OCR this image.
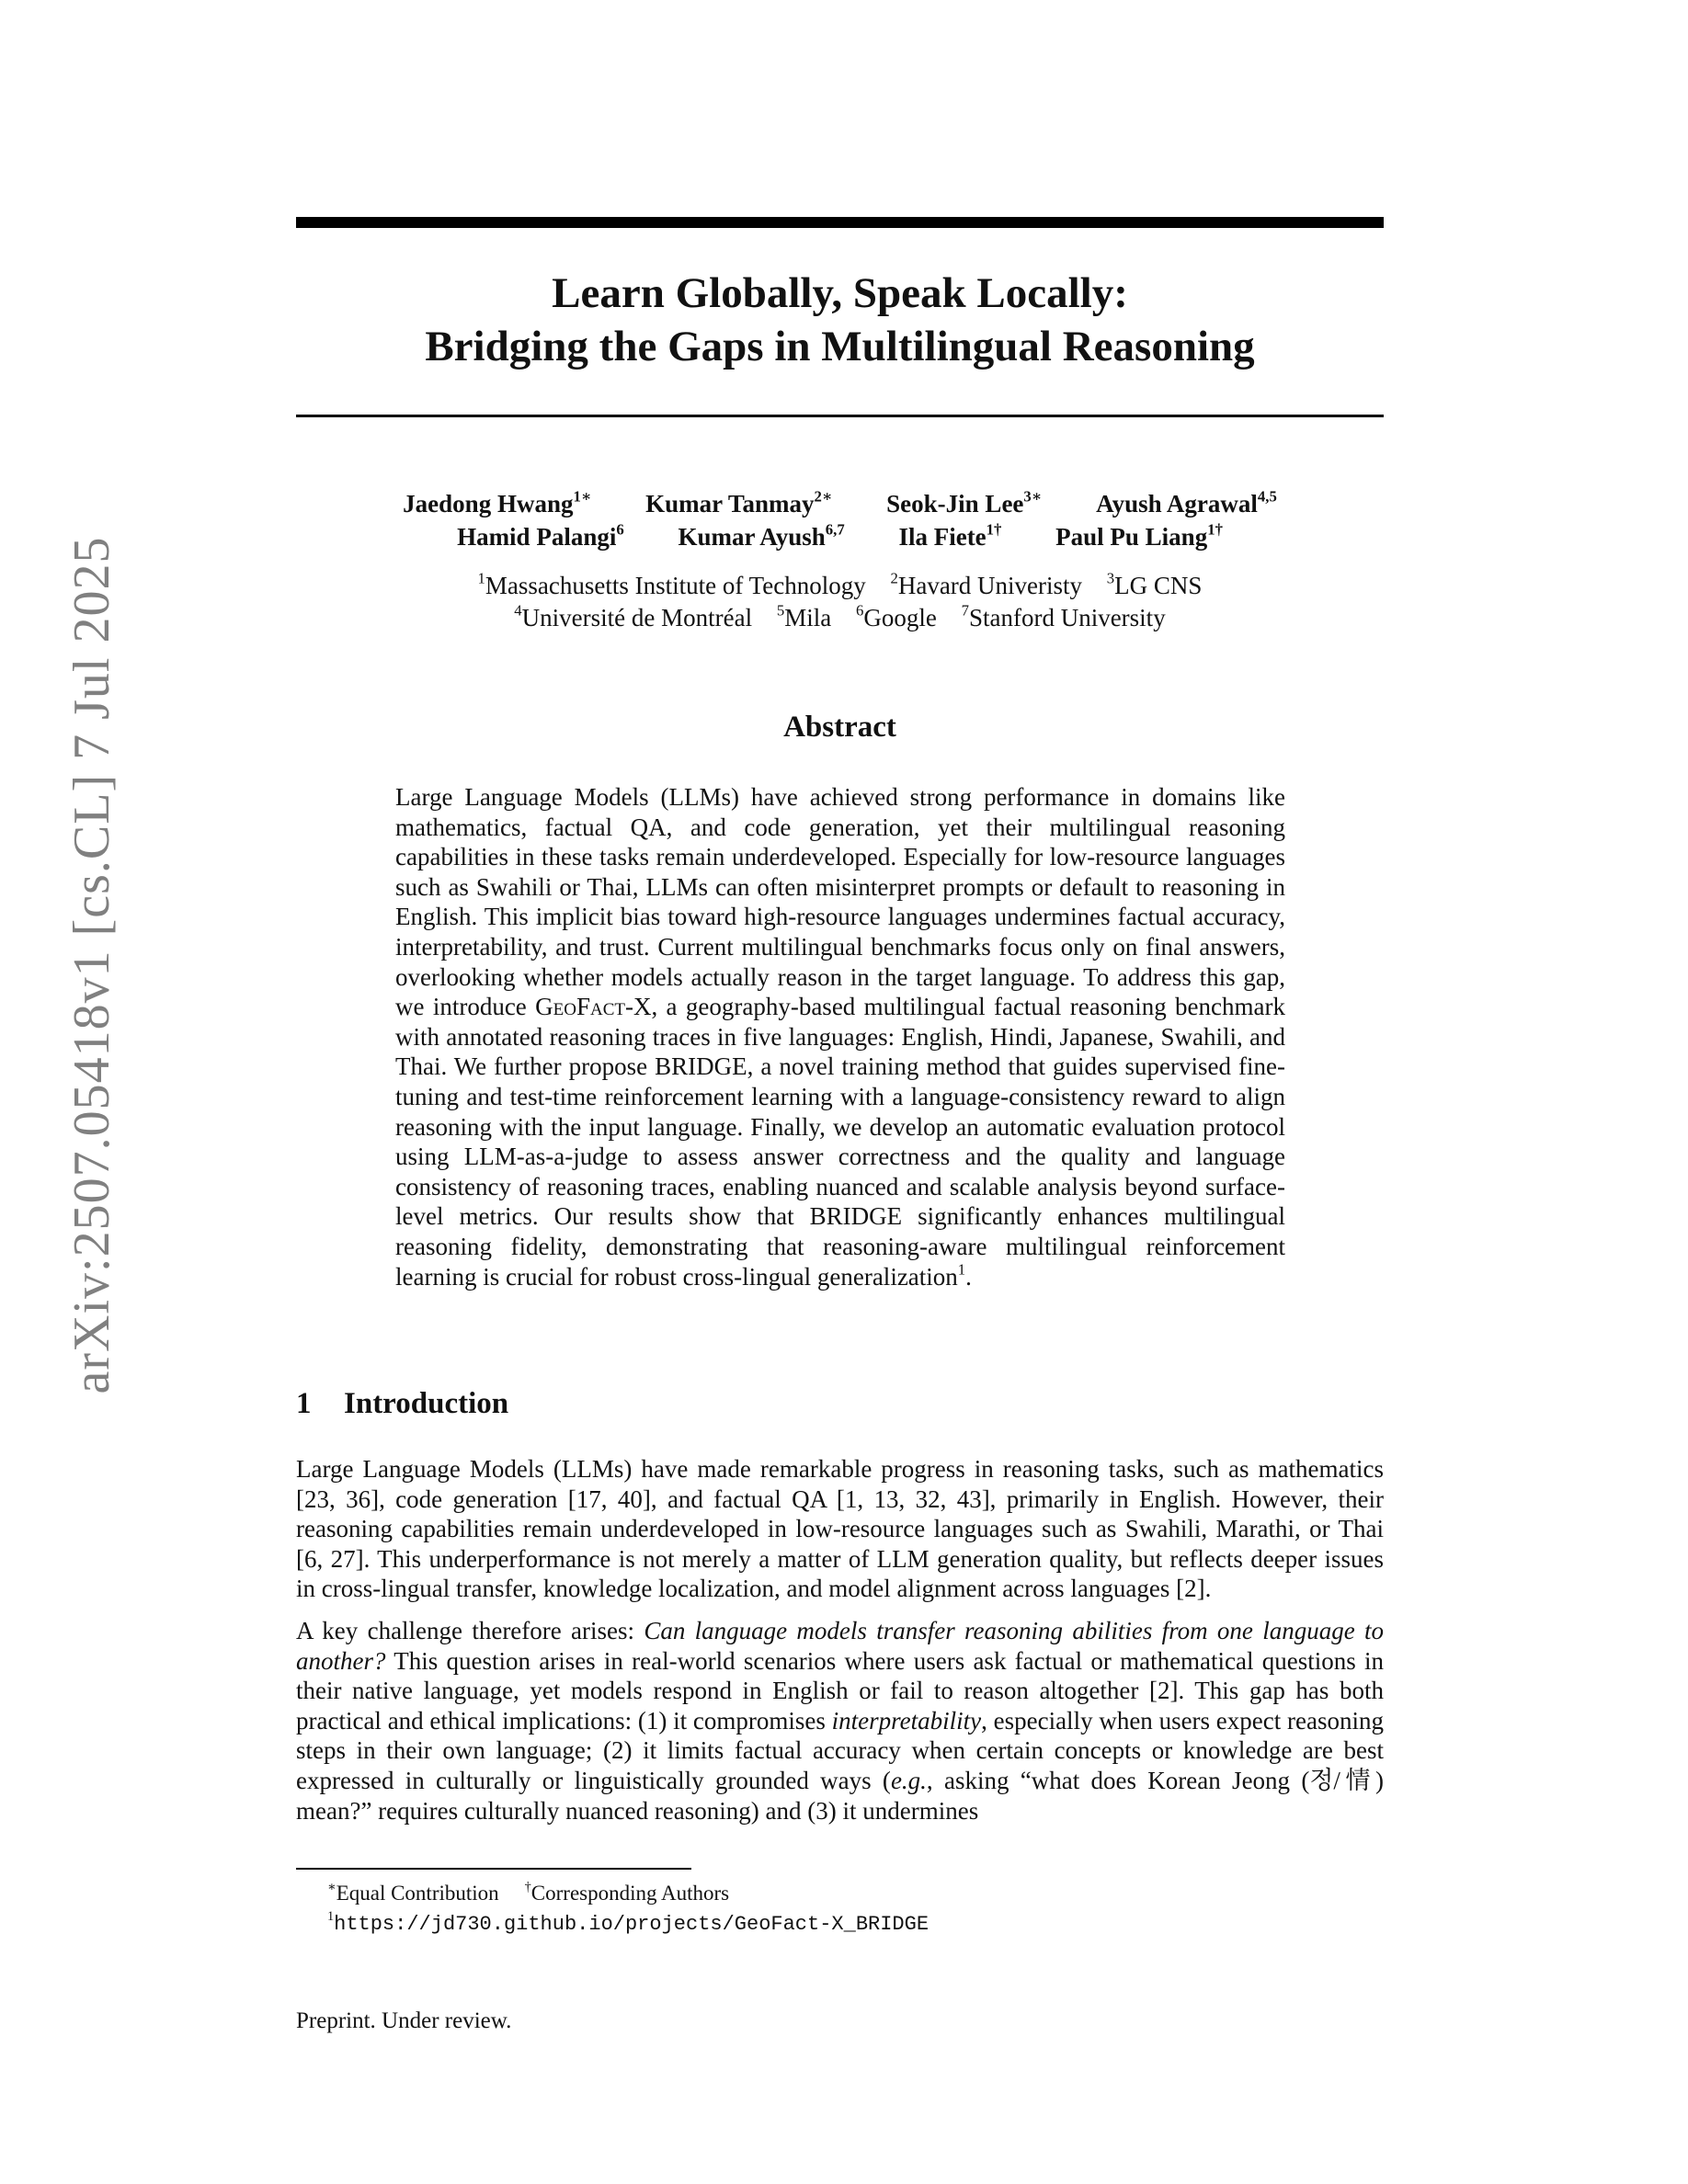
arXiv:2507.05418v1 [cs.CL] 7 Jul 2025
Learn Globally, Speak Locally:
Bridging the Gaps in Multilingual Reasoning
Jaedong Hwang$^{1∗}$ Kumar Tanmay$^{2∗}$ Seok-Jin Lee$^{3∗}$ Ayush Agrawal$^{4,5}$
Hamid Palangi$^6$ Kumar Ayush$^{6,7}$ Ila Fiete$^{1\dagger}$ Paul Pu Liang$^{1\dagger}$
$^1$Massachusetts Institute of Technology $^2$Havard Univeristy $^3$LG CNS
$^4$Université de Montréal $^5$Mila $^6$Google $^7$Stanford University
Abstract
Large Language Models (LLMs) have achieved strong performance in domains like mathematics, factual QA, and code generation, yet their multilingual reasoning capabilities in these tasks remain underdeveloped. Especially for low-resource languages such as Swahili or Thai, LLMs can often misinterpret prompts or default to reasoning in English. This implicit bias toward high-resource languages undermines factual accuracy, interpretability, and trust. Current multilingual benchmarks focus only on final answers, overlooking whether models actually reason in the target language. To address this gap, we introduce GeoFact-X, a geography-based multilingual factual reasoning benchmark with annotated reasoning traces in five languages: English, Hindi, Japanese, Swahili, and Thai. We further propose BRIDGE, a novel training method that guides supervised fine-tuning and test-time reinforcement learning with a language-consistency reward to align reasoning with the input language. Finally, we develop an automatic evaluation protocol using LLM-as-a-judge to assess answer correctness and the quality and language consistency of reasoning traces, enabling nuanced and scalable analysis beyond surface-level metrics. Our results show that BRIDGE significantly enhances multilingual reasoning fidelity, demonstrating that reasoning-aware multilingual reinforcement learning is crucial for robust cross-lingual generalization$^1$.
1 Introduction

Large Language Models (LLMs) have made remarkable progress in reasoning tasks, such as mathematics [23, 36], code generation [17, 40], and factual QA [1, 13, 32, 43], primarily in English. However, their reasoning capabilities remain underdeveloped in low-resource languages such as Swahili, Marathi, or Thai [6, 27]. This underperformance is not merely a matter of LLM generation quality, but reflects deeper issues in cross-lingual transfer, knowledge localization, and model alignment across languages [2].

A key challenge therefore arises: Can language models transfer reasoning abilities from one language to another? This question arises in real-world scenarios where users ask factual or mathematical questions in their native language, yet models respond in English or fail to reason altogether [2]. This gap has both practical and ethical implications: (1) it compromises interpretability, especially when users expect reasoning steps in their own language; (2) it limits factual accuracy when certain concepts or knowledge are best expressed in culturally or linguistically grounded ways (e.g., asking “what does Korean Jeong (정/情) mean?” requires culturally nuanced reasoning) and (3) it undermines

∗Equal Contribution †Corresponding Authors
$^1$https://jd730.github.io/projects/GeoFact-X_BRIDGE
Preprint. Under review.
